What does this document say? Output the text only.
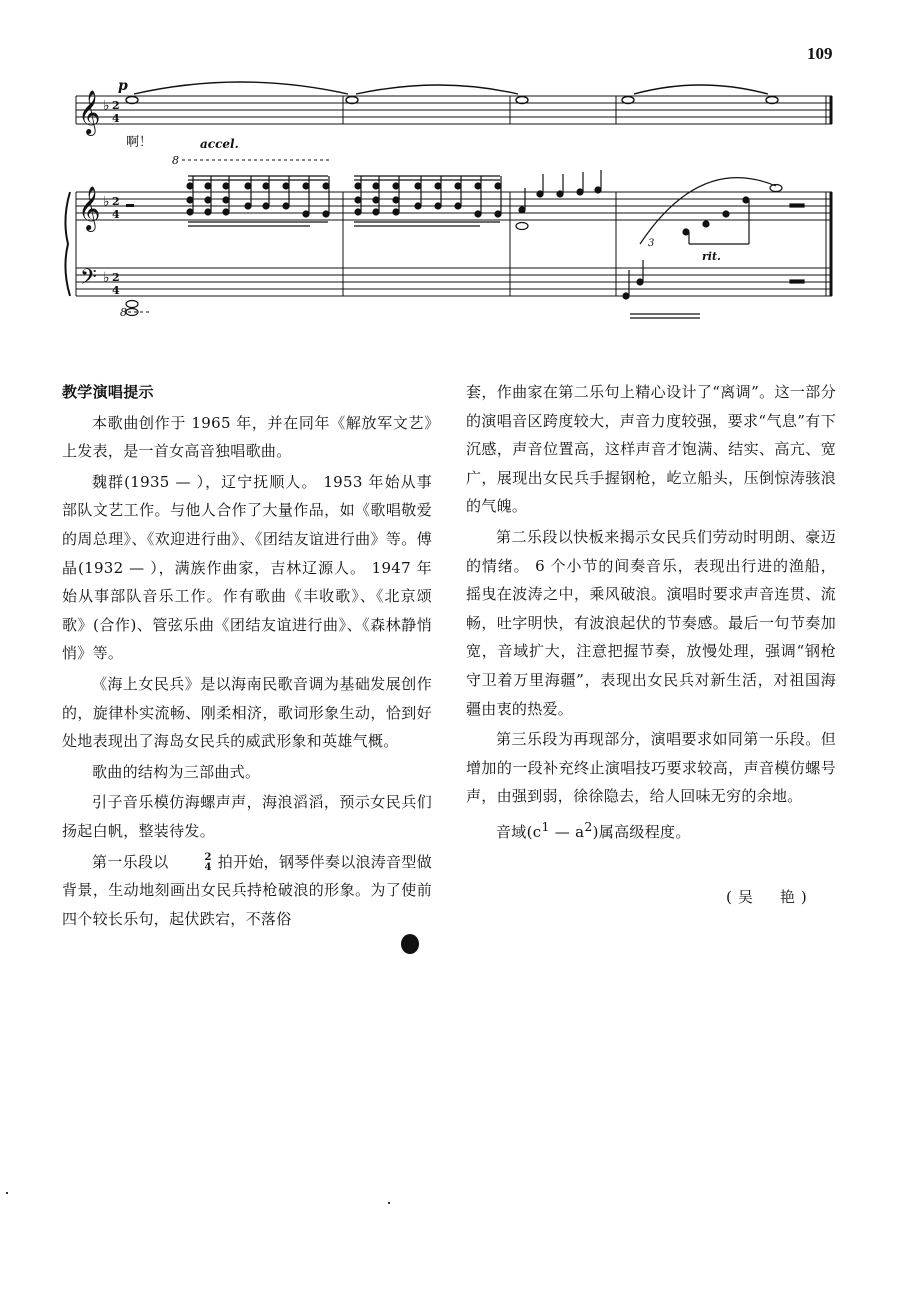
109
𝄞 ♭ 2
4
p
啊！
𝄞
𝄢
♭
♭
2
4
2
4
accel.
8
8
3
rit.
教学演唱提示

本歌曲创作于 1965 年，并在同年《解放军文艺》上发表，是一首女高音独唱歌曲。

魏群(1935 — ），辽宁抚顺人。 1953 年始从事部队文艺工作。与他人合作了大量作品，如《歌唱敬爱的周总理》、《欢迎进行曲》、《团结友谊进行曲》等。傅晶(1932 — ），满族作曲家，吉林辽源人。 1947 年始从事部队音乐工作。作有歌曲《丰收歌》、《北京颂歌》(合作)、管弦乐曲《团结友谊进行曲》、《森林静悄悄》等。

《海上女民兵》是以海南民歌音调为基础发展创作的，旋律朴实流畅、刚柔相济，歌词形象生动，恰到好处地表现出了海岛女民兵的威武形象和英雄气概。

歌曲的结构为三部曲式。

引子音乐模仿海螺声声，海浪滔滔，预示女民兵们扬起白帆，整装待发。

第一乐段以	2
4 拍开始，钢琴伴奏以浪涛音型做背景，生动地刻画出女民兵持枪破浪的形象。为了使前四个较长乐句，起伏跌宕，不落俗

套，作曲家在第二乐句上精心设计了“离调”。这一部分的演唱音区跨度较大，声音力度较强，要求“气息”有下沉感，声音位置高，这样声音才饱满、结实、高亢、宽广，展现出女民兵手握钢枪，屹立船头，压倒惊涛骇浪的气魄。

第二乐段以快板来揭示女民兵们劳动时明朗、豪迈的情绪。 6 个小节的间奏音乐，表现出行进的渔船，摇曳在波涛之中，乘风破浪。演唱时要求声音连贯、流畅，吐字明快，有波浪起伏的节奏感。最后一句节奏加宽，音域扩大，注意把握节奏，放慢处理，强调“钢枪守卫着万里海疆”，表现出女民兵对新生活，对祖国海疆由衷的热爱。

第三乐段为再现部分，演唱要求如同第一乐段。但增加的一段补充终止演唱技巧要求较高，声音模仿螺号声，由强到弱，徐徐隐去，给人回味无穷的余地。

音域($c^1$ — $a^2$)属高级程度。

(吴　艳)
